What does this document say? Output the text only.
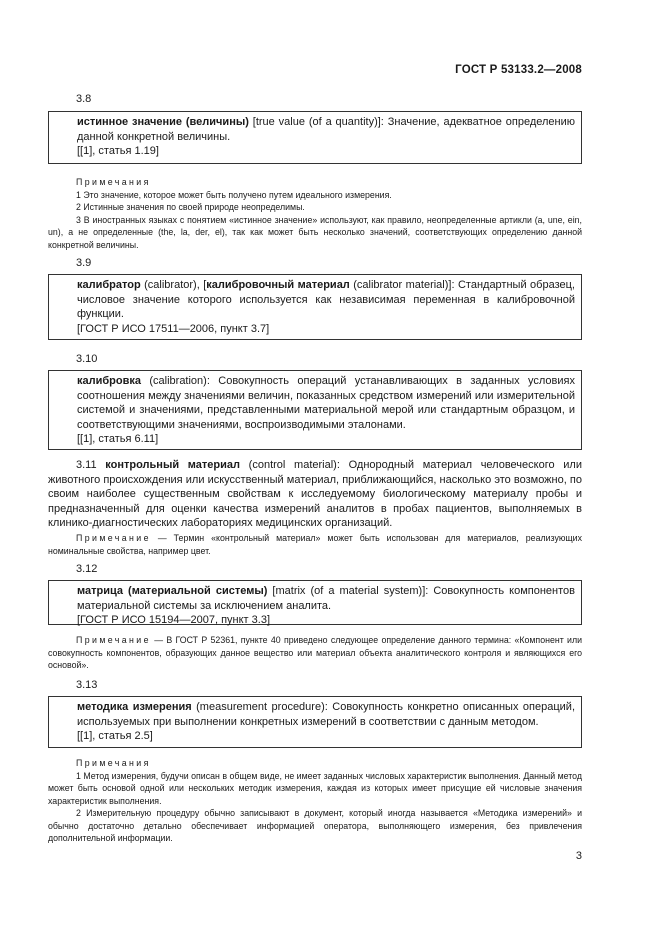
ГОСТ Р 53133.2—2008
3.8

истинное значение (величины) [true value (of a quantity)]: Значение, адекватное определению данной конкретной величины.

[[1], статья 1.19]

Примечания

1 Это значение, которое может быть получено путем идеального измерения.

2 Истинные значения по своей природе неопределимы.

3 В иностранных языках с понятием «истинное значение» используют, как правило, неопределенные артикли (a, une, ein, un), а не определенные (the, la, der, el), так как может быть несколько значений, соответствующих определению данной конкретной величины.

3.9

калибратор (calibrator), [калибровочный материал (calibrator material)]: Стандартный образец, числовое значение которого используется как независимая переменная в калибровочной функции.

[ГОСТ Р ИСО 17511—2006, пункт 3.7]
3.10

калибровка (calibration): Совокупность операций устанавливающих в заданных условиях соотношения между значениями величин, показанных средством измерений или измерительной системой и значениями, представленными материальной мерой или стандартным образцом, и соответствующими значениями, воспроизводимыми эталонами.

[[1], статья 6.11]

3.11 контрольный материал (control material): Однородный материал человеческого или животного происхождения или искусственный материал, приближающийся, насколько это возможно, по своим наиболее существенным свойствам к исследуемому биологическому материалу пробы и предназначенный для оценки качества измерений аналитов в пробах пациентов, выполняемых в клинико-диагностических лабораториях медицинских организаций.

Примечание — Термин «контрольный материал» может быть использован для материалов, реализующих номинальные свойства, например цвет.

3.12

матрица (материальной системы) [matrix (of a material system)]: Совокупность компонентов материальной системы за исключением аналита.

[ГОСТ Р ИСО 15194—2007, пункт 3.3]

Примечание — В ГОСТ Р 52361, пункте 40 приведено следующее определение данного термина: «Компонент или совокупность компонентов, образующих данное вещество или материал объекта аналитического контроля и являющихся его основой».

3.13

методика измерения (measurement procedure): Совокупность конкретно описанных операций, используемых при выполнении конкретных измерений в соответствии с данным методом.

[[1], статья 2.5]

Примечания

1 Метод измерения, будучи описан в общем виде, не имеет заданных числовых характеристик выполнения. Данный метод может быть основой одной или нескольких методик измерения, каждая из которых имеет присущие ей числовые значения характеристик выполнения.

2 Измерительную процедуру обычно записывают в документ, который иногда называется «Методика измерений» и обычно достаточно детально обеспечивает информацией оператора, выполняющего измерения, без привлечения дополнительной информации.

3
